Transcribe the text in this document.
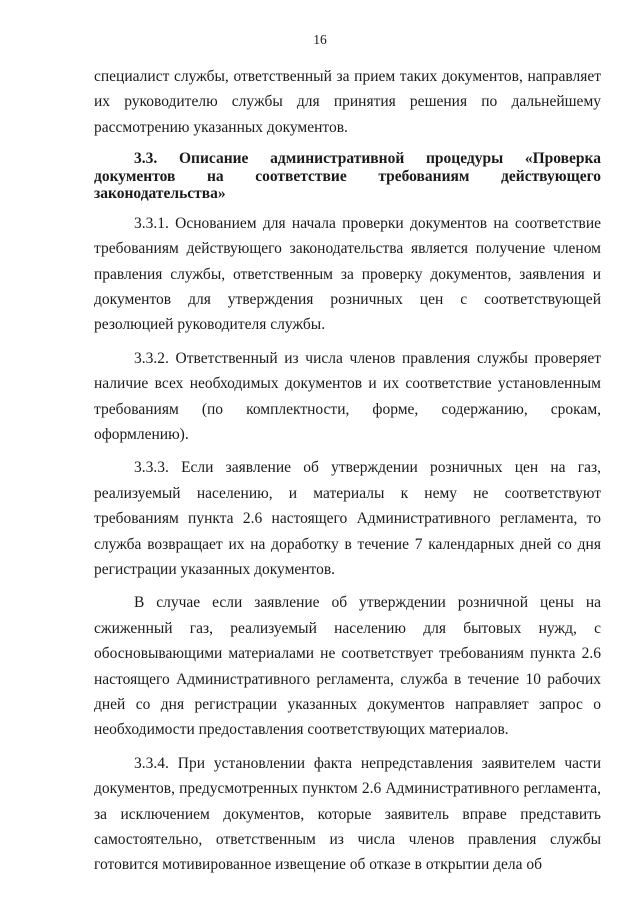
16

специалист службы, ответственный за прием таких документов, направляет их руководителю службы для принятия решения по дальнейшему рассмотрению указанных документов.

3.3. Описание административной процедуры «Проверка документов на соответствие требованиям действующего законодательства»

3.3.1. Основанием для начала проверки документов на соответствие требованиям действующего законодательства является получение членом правления службы, ответственным за проверку документов, заявления и документов для утверждения розничных цен с соответствующей резолюцией руководителя службы.

3.3.2. Ответственный из числа членов правления службы проверяет наличие всех необходимых документов и их соответствие установленным требованиям (по комплектности, форме, содержанию, срокам, оформлению).

3.3.3. Если заявление об утверждении розничных цен на газ, реализуемый населению, и материалы к нему не соответствуют требованиям пункта 2.6 настоящего Административного регламента, то служба возвращает их на доработку в течение 7 календарных дней со дня регистрации указанных документов.

В случае если заявление об утверждении розничной цены на сжиженный газ, реализуемый населению для бытовых нужд, с обосновывающими материалами не соответствует требованиям пункта 2.6 настоящего Административного регламента, служба в течение 10 рабочих дней со дня регистрации указанных документов направляет запрос о необходимости предоставления соответствующих материалов.

3.3.4. При установлении факта непредставления заявителем части документов, предусмотренных пунктом 2.6 Административного регламента, за исключением документов, которые заявитель вправе представить самостоятельно, ответственным из числа членов правления службы готовится мотивированное извещение об отказе в открытии дела об
